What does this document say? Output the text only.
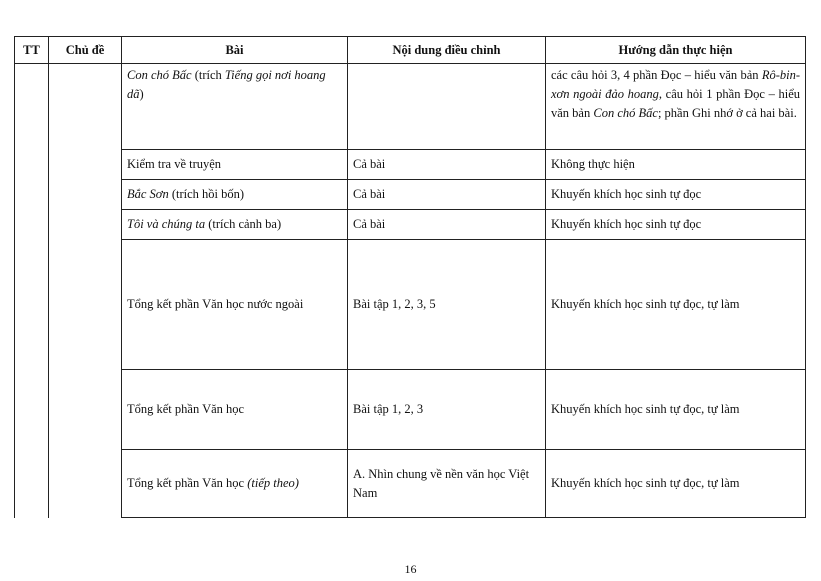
TT	Chủ đề	Bài	Nội dung điều chỉnh	Hướng dẫn thực hiện
		Con chó Bấc (trích Tiếng gọi nơi hoang dã)		các câu hỏi 3, 4 phần Đọc – hiểu văn bản Rô-bin- xơn ngoài đảo hoang, câu hỏi 1 phần Đọc – hiểu văn bản Con chó Bấc; phần Ghi nhớ ở cả hai bài.
		Kiểm tra về truyện	Cả bài	Không thực hiện
		Bắc Sơn (trích hồi bốn)	Cả bài	Khuyến khích học sinh tự đọc
		Tôi và chúng ta (trích cảnh ba)	Cả bài	Khuyến khích học sinh tự đọc
		Tổng kết phần Văn học nước ngoài	Bài tập 1, 2, 3, 5	Khuyến khích học sinh tự đọc, tự làm
		Tổng kết phần Văn học	Bài tập 1, 2, 3	Khuyến khích học sinh tự đọc, tự làm
		Tổng kết phần Văn học (tiếp theo)	A. Nhìn chung về nền văn học Việt Nam	Khuyến khích học sinh tự đọc, tự làm
16
